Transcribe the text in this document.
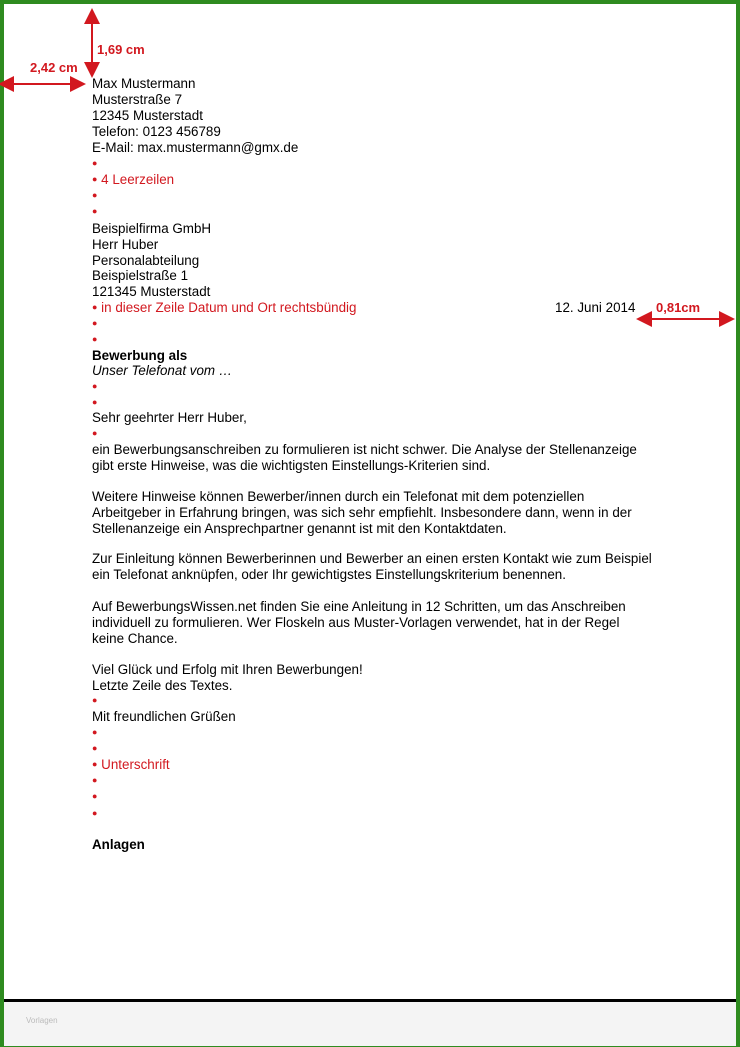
1,69 cm
2,42 cm
0,81cm
Max Mustermann
Musterstraße 7
12345 Musterstadt
Telefon: 0123 456789
E-Mail: max.mustermann@gmx.de
●
● 4 Leerzeilen
●
●
Beispielfirma GmbH
Herr Huber
Personalabteilung
Beispielstraße 1
121345 Musterstadt
● in dieser Zeile Datum und Ort rechtsbündig	12. Juni 2014
●
●
Bewerbung als
Unser Telefonat vom …
●
●
Sehr geehrter Herr Huber,
●
ein Bewerbungsanschreiben zu formulieren ist nicht schwer. Die Analyse der Stellenanzeige
gibt erste Hinweise, was die wichtigsten Einstellungs-Kriterien sind.
Weitere Hinweise können Bewerber/innen durch ein Telefonat mit dem potenziellen
Arbeitgeber in Erfahrung bringen, was sich sehr empfiehlt. Insbesondere dann, wenn in der
Stellenanzeige ein Ansprechpartner genannt ist mit den Kontaktdaten.
Zur Einleitung können Bewerberinnen und Bewerber an einen ersten Kontakt wie zum Beispiel
ein Telefonat anknüpfen, oder Ihr gewichtigstes Einstellungskriterium benennen.
Auf BewerbungsWissen.net finden Sie eine Anleitung in 12 Schritten, um das Anschreiben
individuell zu formulieren. Wer Floskeln aus Muster-Vorlagen verwendet, hat in der Regel
keine Chance.
Viel Glück und Erfolg mit Ihren Bewerbungen!
Letzte Zeile des Textes.
●
Mit freundlichen Grüßen
●
●
● Unterschrift
●
●
●
Anlagen
Vorlagen
